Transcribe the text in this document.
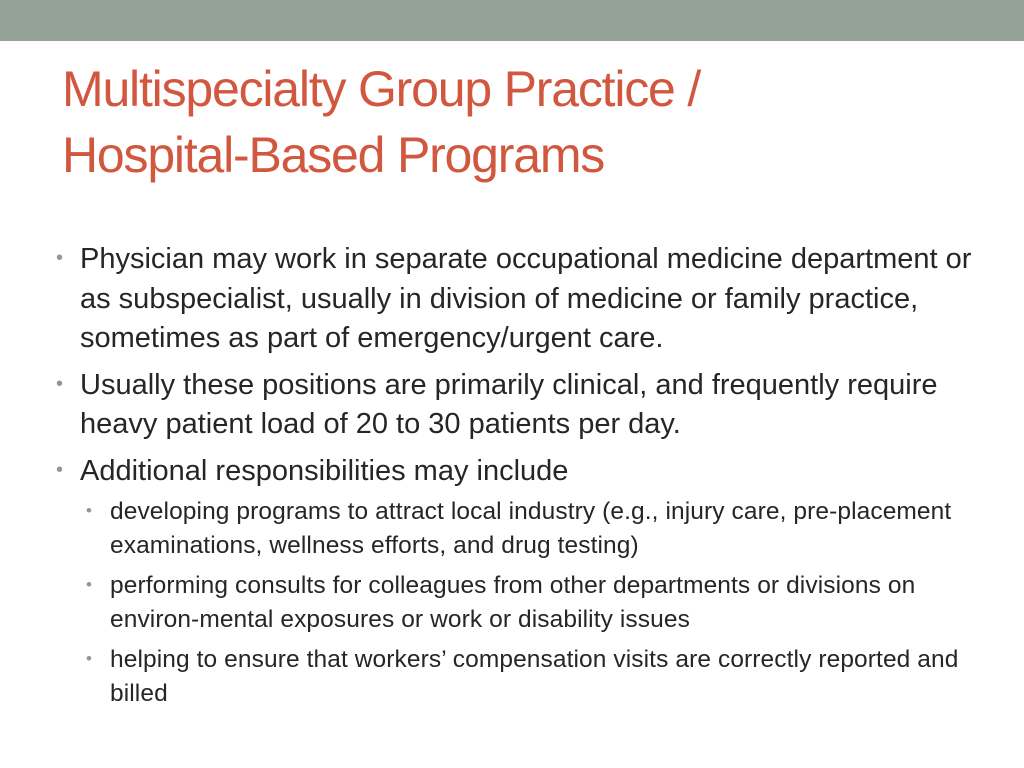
Multispecialty Group Practice /
Hospital-Based Programs
• Physician may work in separate occupational medicine department or as subspecialist, usually in division of medicine or family practice, sometimes as part of emergency/urgent care.
• Usually these positions are primarily clinical, and frequently require heavy patient load of 20 to 30 patients per day.
• Additional responsibilities may include
• developing programs to attract local industry (e.g., injury care, pre-placement examinations, wellness efforts, and drug testing)
• performing consults for colleagues from other departments or divisions on environ-mental exposures or work or disability issues
• helping to ensure that workers’ compensation visits are correctly reported and billed
